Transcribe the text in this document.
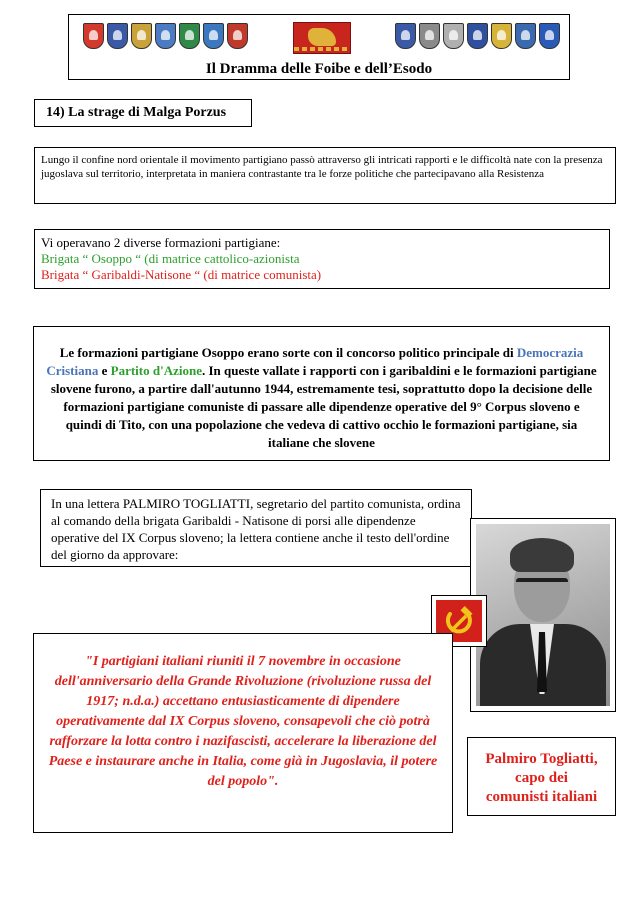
Il Dramma delle Foibe e dell’Esodo
14) La strage di Malga Porzus
Lungo il confine nord orientale il movimento partigiano passò attraverso gli intricati rapporti e le difficoltà nate con la presenza jugoslava sul territorio, interpretata in maniera contrastante tra le forze politiche che partecipavano alla Resistenza
Vi operavano 2 diverse formazioni partigiane:
Brigata “ Osoppo “ (di matrice cattolico-azionista
Brigata “ Garibaldi-Natisone “ (di matrice comunista)
Le formazioni partigiane Osoppo erano sorte con il concorso politico principale di Democrazia Cristiana e Partito d'Azione. In queste vallate i rapporti con i garibaldini e le formazioni partigiane slovene furono, a partire dall'autunno 1944, estremamente tesi, soprattutto dopo la decisione delle formazioni partigiane comuniste di passare alle dipendenze operative del 9° Corpus sloveno e quindi di Tito, con una popolazione che vedeva di cattivo occhio le formazioni partigiane, sia italiane che slovene
In una lettera PALMIRO TOGLIATTI, segretario del partito comunista, ordina al comando della brigata Garibaldi - Natisone di porsi alle dipendenze operative del IX Corpus sloveno; la lettera contiene anche il testo dell'ordine del giorno da approvare:
"I partigiani italiani riuniti il 7 novembre in occasione dell'anniversario della Grande Rivoluzione (rivoluzione russa del 1917; n.d.a.) accettano entusiasticamente di dipendere operativamente dal IX Corpus sloveno, consapevoli che ciò potrà rafforzare la lotta contro i nazifascisti, accelerare la liberazione del Paese e instaurare anche in Italia, come già in Jugoslavia, il potere del popolo".
Palmiro Togliatti,
capo dei
comunisti italiani
